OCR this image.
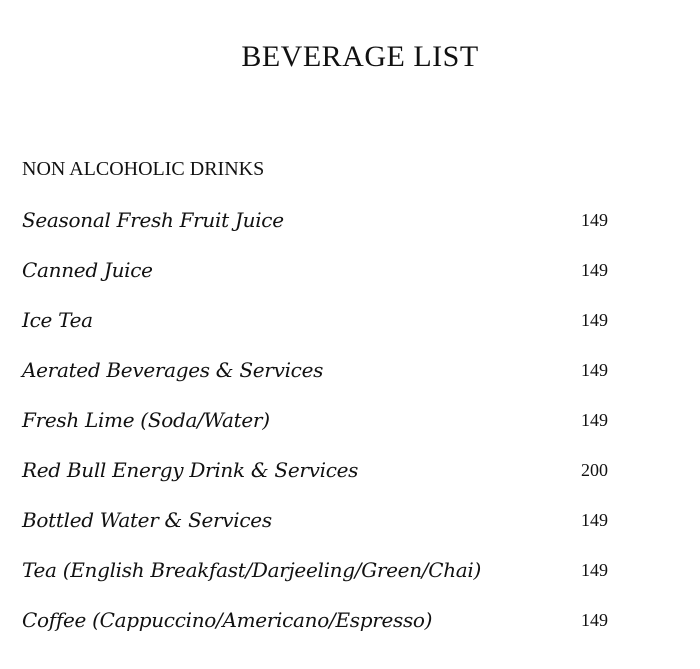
BEVERAGE LIST
NON ALCOHOLIC DRINKS
Seasonal Fresh Fruit Juice	149
Canned Juice	149
Ice Tea	149
Aerated Beverages & Services	149
Fresh Lime (Soda/Water)	149
Red Bull Energy Drink & Services	200
Bottled Water & Services	149
Tea (English Breakfast/Darjeeling/Green/Chai)	149
Coffee (Cappuccino/Americano/Espresso)	149
